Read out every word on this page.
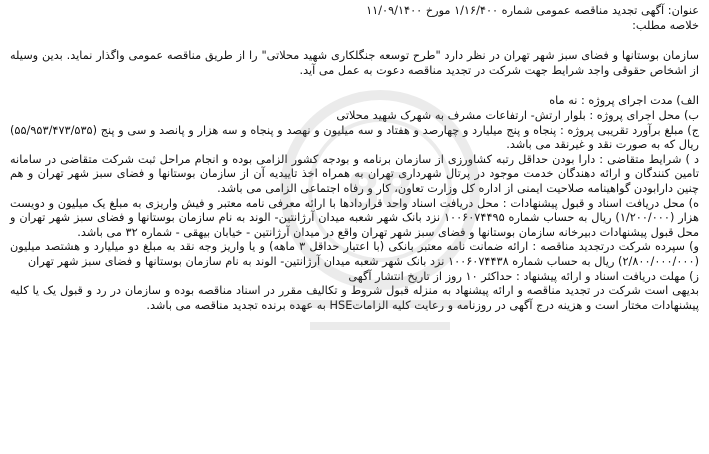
88
عنوان: آگهی تجدید مناقصه عمومی شماره ۱/۱۶/۴۰۰ مورخ ۱۱/۰۹/۱۴۰۰
خلاصه مطلب:

سازمان بوستانها و فضای سبز شهر تهران در نظر دارد "طرح توسعه جنگلکاری شهید محلاتی" را از طریق مناقصه عمومی واگذار نماید. بدین وسیله از اشخاص حقوقی واجد شرایط جهت شرکت در تجدید مناقصه دعوت به عمل می آید.

الف) مدت اجرای پروژه : نه ماه

ب) محل اجرای پروژه : بلوار ارتش- ارتفاعات مشرف به شهرک شهید محلاتی

ج) مبلغ برآورد تقریبی پروژه : پنجاه و پنج میلیارد و چهارصد و هفتاد و سه میلیون و نهصد و پنجاه و سه هزار و پانصد و سی و پنج (۵۵/۹۵۳/۴۷۳/۵۳۵) ریال که به صورت نقد و غیرنقد می باشد.

د ) شرایط متقاضی : دارا بودن حداقل رتبه کشاورزی از سازمان برنامه و بودجه کشور الزامی بوده و انجام مراحل ثبت شرکت متقاضی در سامانه تامین کنندگان و ارائه دهندگان خدمت موجود در پرتال شهرداری تهران به همراه اخذ تاییدیه آن از سازمان بوستانها و فضای سبز شهر تهران و هم چنین دارابودن گواهینامه صلاحیت ایمنی از اداره کل وزارت تعاون، کار و رفاه اجتماعی الزامی می باشد.

ه) محل دریافت اسناد و قبول پیشنهادات : محل دریافت اسناد واحد قراردادها با ارائه معرفی نامه معتبر و فیش واریزی به مبلغ یک میلیون و دویست هزار (۱/۲۰۰/۰۰۰) ریال به حساب شماره ۱۰۰۶۰۷۴۴۹۵ نزد بانک شهر شعبه میدان آرژانتین- الوند به نام سازمان بوستانها و فضای سبز شهر تهران و محل قبول پیشنهادات دبیرخانه سازمان بوستانها و فضای سبز شهر تهران واقع در میدان آرژانتین - خیابان بیهقی - شماره ۳۲ می باشد.

و) سپرده شرکت درتجدید مناقصه : ارائه ضمانت نامه معتبر بانکی (با اعتبار حداقل ۳ ماهه) و یا واریز وجه نقد به مبلغ دو میلیارد و هشتصد میلیون (۲/۸۰۰/۰۰۰/۰۰۰) ریال به حساب شماره ۱۰۰۶۰۷۴۴۳۸ نزد بانک شهر شعبه میدان آرژانتین- الوند به نام سازمان بوستانها و فضای سبز شهر تهران

ز) مهلت دریافت اسناد و ارائه پیشنهاد : حداکثر ۱۰ روز از تاریخ انتشار آگهی

بدیهی است شرکت در تجدید مناقصه و ارائه پیشنهاد به منزله قبول شروط و تکالیف مقرر در اسناد مناقصه بوده و سازمان در رد و قبول یک یا کلیه پیشنهادات مختار است و هزینه درج آگهی در روزنامه و رعایت کلیه الزاماتHSE به عهده برنده تجدید مناقصه می باشد.
